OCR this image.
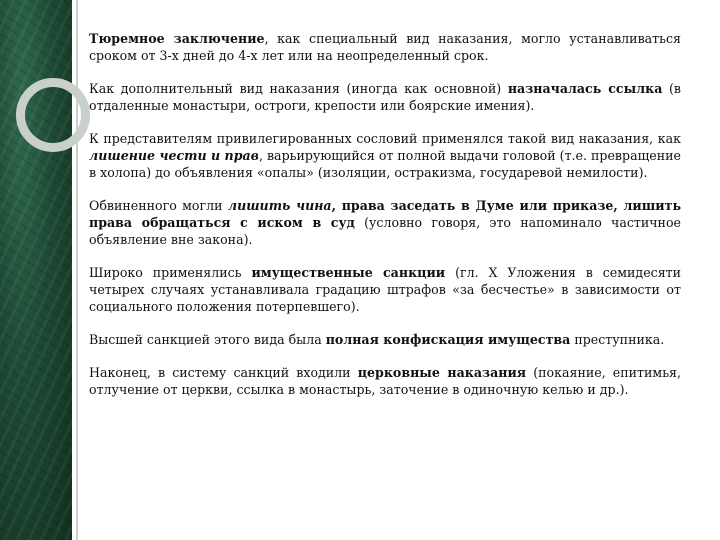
Тюремное заключение, как специальный вид наказания, могло устанавливаться сроком от 3-х дней до 4-х лет или на неопределенный срок.

Как дополнительный вид наказания (иногда как основной) назначалась ссылка (в отдаленные монастыри, остроги, крепости или боярские имения).

К представителям привилегированных сословий применялся такой вид наказания, как лишение чести и прав, варьирующийся от полной выдачи головой (т.е. превращение в холопа) до объявления «опалы» (изоляции, остракизма, государевой немилости).

Обвиненного могли лишить чина, права заседать в Думе или приказе, лишить права обращаться с иском в суд (условно говоря, это напоминало частичное объявление вне закона).

Широко применялись имущественные санкции (гл. X Уложения в семидесяти четырех случаях устанавливала градацию штрафов «за бесчестье» в зависимости от социального положения потерпевшего).

Высшей санкцией этого вида была полная конфискация имущества преступника.

Наконец, в систему санкций входили церковные наказания (покаяние, епитимья, отлучение от церкви, ссылка в монастырь, заточение в одиночную келью и др.).
